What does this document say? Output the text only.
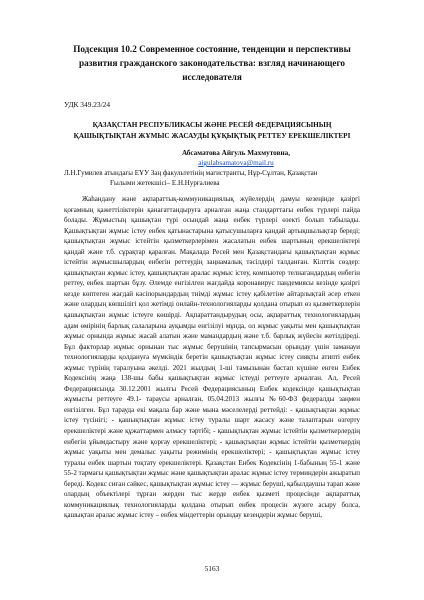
Подсекция 10.2 Современное состояние, тенденции и перспективы развития гражданского законодательства: взгляд начинающего исследователя
УДК 349.23/24
ҚАЗАҚСТАН РЕСПУБЛИКАСЫ ЖӘНЕ РЕСЕЙ ФЕДЕРАЦИЯСЫНЫҢ ҚАШЫҚТЫҚТАН ЖҰМЫС ЖАСАУДЫ ҚҰҚЫҚТЫҚ РЕТТЕУ ЕРЕКШЕЛІКТЕРІ
Абсаматова Айгуль Махмутовна,
aigulabsamatova@mail.ru
Л.Н.Гумилев атындағы ЕҰУ Заң факультетінің магистранты, Нұр-Сұлтан, Қазақстан
Ғылыми жетекшісі– Е.Н.Нурғалиева
Жаһандану және ақпараттық-коммуникациялық жүйелердің дамуы кезеңінде қазіргі қоғамның қажеттіліктерін қанағаттандыруға арналған жаңа стандарттағы енбек түрлері пайда болады. Жұмыстың қашықтан түрі осындай жаңа енбек түрлері өзекті болып табылады. Қашықтықтан жұмыс істеу енбек қатынастарына қатысушыларға қандай артықшылықтар береді; қашықтықтан жұмыс істейтін қызметкерлерімен жасалатын енбек шартының ерекшеліктері қандай және т.б. сұрақтар қаралған. Мақалада Ресей мен Қазақстандағы қашықтықтан жұмыс істейтін жұмысшылардың енбегін реттеудің заңнамалық тәсілдері талданған. Кілттік сөздер: қашықтықтан жұмыс істеу, қашықтықтан аралас жұмыс істеу, компьютер телнагандардың енбегін реттеу, енбек шартын бұзу. Әлемде енгізілген жағдайда коронавирус пандемиясы кезінде қазіргі кезде көптеген жағдай кәсіпорындардың тиімді жұмыс істеу қабілетіне айтарлықтай әсер еткен және олардың көпшілігі қол жетімді онлайн-технологияларды қолдана отырып өз қызметкерлерін қашықтықтан жұмыс істеуге көшірді. Ақпараттандырудың осы, ақпараттық технологиялардың адам өмірінің барлық салаларына ауқымды енгізілуі мұнда, ол жұмыс уақыты мен қашықтықтан жұмыс орнында жұмыс жасай алатын және мамандардың және т.б. барлық жүйесін жетілдіреді. Бұл факторлар жұмыс орнынан тыс жұмыс берушінің тапсырмасын орындау үшін заманауи технологияларды қолдануға мүмкіндік беретін қашықтықтан жұмыс істеу сияқты атипті енбек жұмыс түрінің таралуына әкелді. 2021 жылдың 1-ші тамызынан бастап күшіне енген Енбек Кодексінің жаңа 138-шы бабы қашықтықтан жұмыс істеуді реттеуге арналған. Ал, Ресей Федерациясында 30.12.2001 жылғы Ресей Федерациясының Енбек кодексінде қашықтықтан жұмысты реттеуге 49.1- тараусы арналған, 05.04.2013 жылғы №60-ФЗ федералды заңмен енгізілген. Бұл тарауда екі мақала бар және мына мәселелерді реттейді: - қашықтықтан жұмыс істеу түсінігі; - қашықтықтан жұмыс істеу туралы шарт жасасу және талаптарын өзгерту ерекшеліктері және құжаттармен алмасу тәртібі; - қашықтықтан жұмыс істейтін қызметкерлердің енбегін ұйымдастыру және қорғау ерекшеліктері; - қашықтықтан жұмыс істейтін қызметкердің жұмыс уақыты мен демалыс уақыты режимінің ерекшеліктері; - қашықтықтан жұмыс істеу туралы енбек шартын тоқтату ерекшеліктері. Қазақстан Енбек Кодексінің 1-бабының 55-1 және 55-2 тармағы қашықтықтан жұмыс және қашықтықтан аралас жұмыс істеу терминдерін ажыратып береді. Кодекс сиған сәйкес, қашықтықтан жұмыс істеу — жұмыс беруші, қабылдаушы тарап және олардың объектілері тұрған жерден тыс жерде енбек қызметі процесінде ақпараттық коммуникациялық технологияларды қолдана отырып енбек процесін жүзеге асыру болса, қашықтан аралас жұмыс істеу – енбек міндеттерін орындау кезеңдерін жұмыс беруші,
5163
